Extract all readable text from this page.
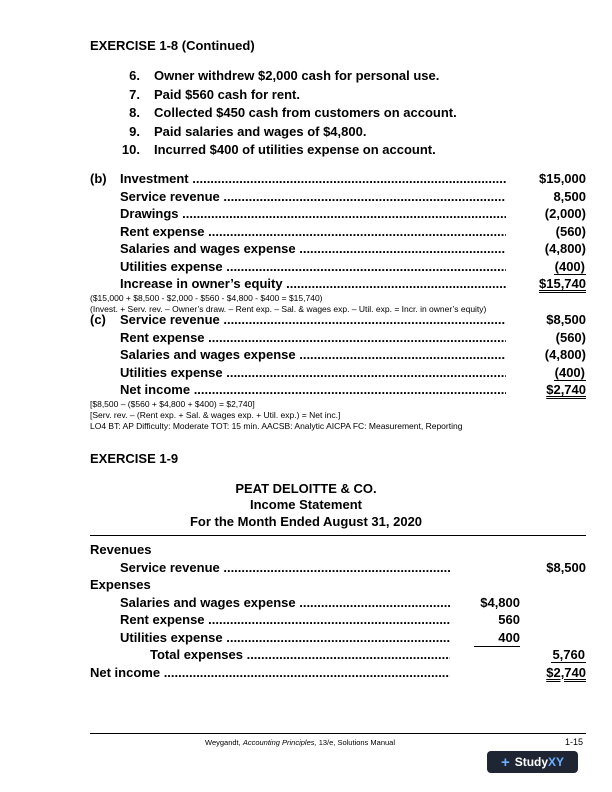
EXERCISE 1-8 (Continued)
6.	Owner withdrew $2,000 cash for personal use.
7.	Paid $560 cash for rent.
8.	Collected $450 cash from customers on account.
9.	Paid salaries and wages of $4,800.
10.	Incurred $400 of utilities expense on account.
(b)	Investment .....	$15,000
Service revenue .....	8,500
Drawings .....	(2,000)
Rent expense .....	(560)
Salaries and wages expense .....	(4,800)
Utilities expense .....	(400)
Increase in owner’s equity .....	$15,740
($15,000 + $8,500 - $2,000 - $560 - $4,800 - $400 = $15,740)
(Invest. + Serv. rev. – Owner’s draw. – Rent exp. – Sal. & wages exp. – Util. exp. = Incr. in owner’s equity)
(c)	Service revenue .....	$8,500
Rent expense .....	(560)
Salaries and wages expense .....	(4,800)
Utilities expense .....	(400)
Net income .....	$2,740
[$8,500 – ($560 + $4,800 + $400) = $2,740]
[Serv. rev. – (Rent exp. + Sal. & wages exp. + Util. exp.) = Net inc.]
LO4 BT: AP Difficulty: Moderate TOT: 15 min. AACSB: Analytic AICPA FC: Measurement, Reporting
EXERCISE 1-9
PEAT DELOITTE & CO.
Income Statement
For the Month Ended August 31, 2020
Revenues
Service revenue .....	$8,500
Expenses
Salaries and wages expense .....	$4,800
Rent expense .....	560
Utilities expense .....	400
Total expenses .....	5,760
Net income .....	$2,740
Weygandt, Accounting Principles, 13/e, Solutions Manual	1-15
+ Study XY
